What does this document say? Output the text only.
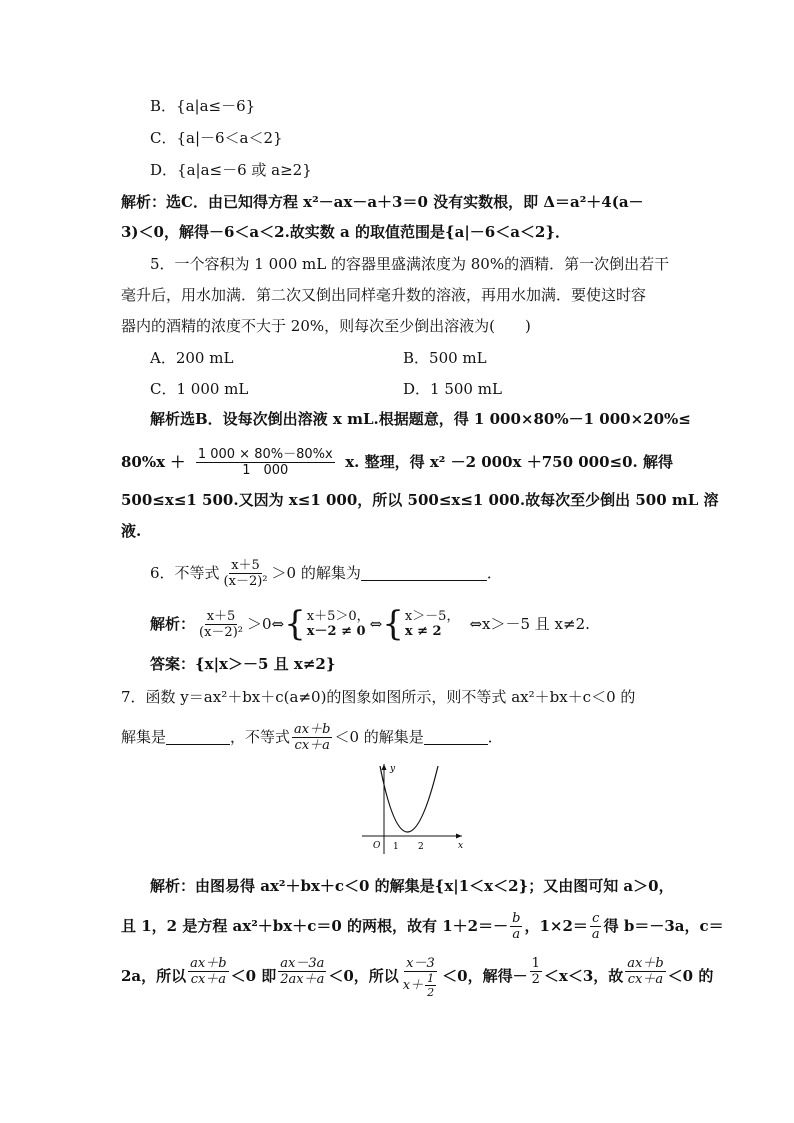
B．{a|a≤－6}
C．{a|－6＜a＜2}
D．{a|a≤－6 或 a≥2}
解析：选C．由已知得方程 x²－ax－a＋3＝0 没有实数根，即 Δ＝a²＋4(a－
3)＜0，解得－6＜a＜2.故实数 a 的取值范围是{a|－6＜a＜2}．
5．一个容积为 1 000 mL 的容器里盛满浓度为 80%的酒精．第一次倒出若干
毫升后，用水加满．第二次又倒出同样毫升数的溶液，再用水加满．要使这时容
器内的酒精的浓度不大于 20%，则每次至少倒出溶液为(　　)
A．200 mL	B．500 mL
C．1 000 mL	D．1 500 mL
解析选B．设每次倒出溶液 x mL.根据题意，得 1 000×80%－1 000×20%≤
$80\%x + \frac{1 000 \times 80\%-80\%x}{1 000} x$. 整理，得 x² －2 000x ＋750 000≤0. 解得
500≤x≤1 500.又因为 x≤1 000，所以 500≤x≤1 000.故每次至少倒出 500 mL 溶
液.
6．不等式 $\frac{x+5}{\text{(x－2)²}} >0$ 的解集为	．
解析： $\frac{x+5}{\text{(x－2)²}}$ ＞0⇔ { x＋5＞0，
x－2 ≠ 0 ⇔ { x＞－5，
x ≠ 2	⇔x＞－5 且 x≠2.
答案：{x|x＞－5 且 x≠2}
7．函数 y＝ax²＋bx＋c(a≠0)的图象如图所示，则不等式 ax²＋bx＋c＜0 的
解集是	，不等式 $\frac{ax+b}{cx+a} <0$ 的解集是	．
y
x
O 1 2
解析：由图易得 ax²＋bx＋c＜0 的解集是{x|1＜x＜2}；又由图可知 a＞0，
且 1，2 是方程 ax²＋bx＋c＝0 的两根，故有 $1+2=- \frac{b}{a}$ ，$1\times 2= \frac{c}{a}$ 得 b＝－3a，c＝
2a，所以 $\frac{ax+b}{cx+a} <0$ 即 $\frac{ax-3a}{2ax+a} <0$，所以 $\frac{x-3}{x+ \frac{1}{2}} <0$，解得－ $\frac{1}{2} <x<3$，故 $\frac{ax+b}{cx+a} <0$ 的
